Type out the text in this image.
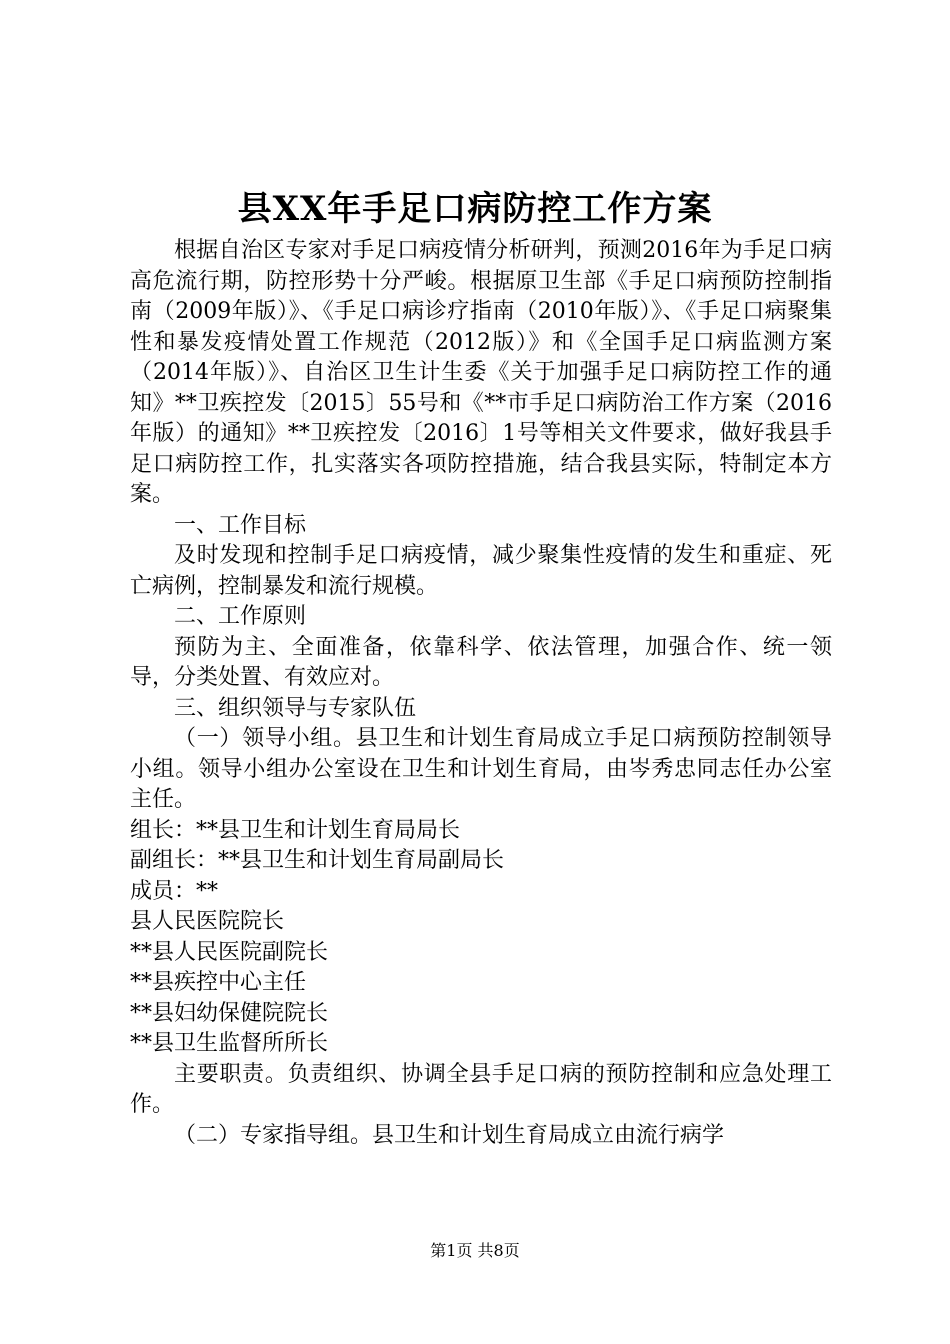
县XX年手足口病防控工作方案

根据自治区专家对手足口病疫情分析研判，预测2016年为手足口病高危流行期，防控形势十分严峻。根据原卫生部《手足口病预防控制指南（2009年版）》、《手足口病诊疗指南（2010年版）》、《手足口病聚集性和暴发疫情处置工作规范（2012版）》和《全国手足口病监测方案（2014年版）》、自治区卫生计生委《关于加强手足口病防控工作的通知》**卫疾控发〔2015〕55号和《**市手足口病防治工作方案（2016年版）的通知》**卫疾控发〔2016〕1号等相关文件要求，做好我县手足口病防控工作，扎实落实各项防控措施，结合我县实际，特制定本方案。

一、工作目标

及时发现和控制手足口病疫情，减少聚集性疫情的发生和重症、死亡病例，控制暴发和流行规模。

二、工作原则

预防为主、全面准备，依靠科学、依法管理，加强合作、统一领导，分类处置、有效应对。

三、组织领导与专家队伍

（一）领导小组。县卫生和计划生育局成立手足口病预防控制领导小组。领导小组办公室设在卫生和计划生育局，由岑秀忠同志任办公室主任。

组长：**县卫生和计划生育局局长

副组长：**县卫生和计划生育局副局长

成员：**

县人民医院院长

**县人民医院副院长

**县疾控中心主任

**县妇幼保健院院长

**县卫生监督所所长

主要职责。负责组织、协调全县手足口病的预防控制和应急处理工作。

（二）专家指导组。县卫生和计划生育局成立由流行病学

第1页 共8页
